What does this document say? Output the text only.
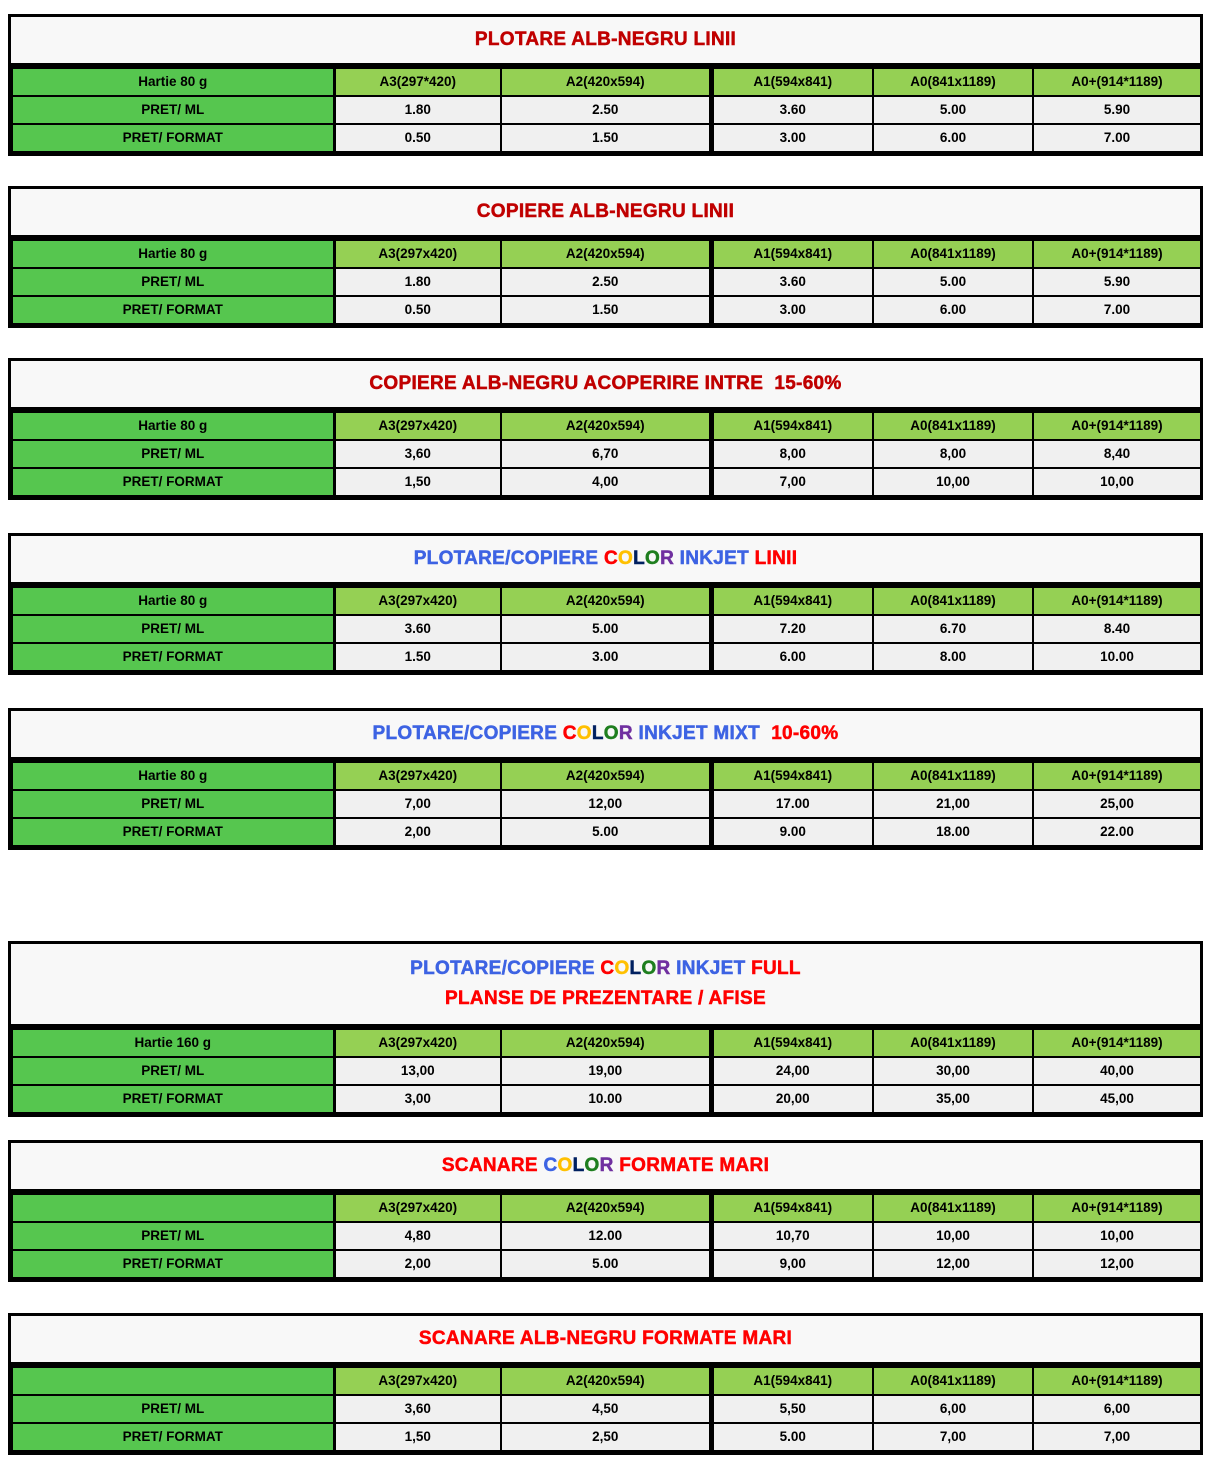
PLOTARE ALB-NEGRU LINII
Hartie 80 g	A3(297*420)	A2(420x594)	A1(594x841)	A0(841x1189)	A0+(914*1189)
PRET/ ML	1.80	2.50	3.60	5.00	5.90
PRET/ FORMAT	0.50	1.50	3.00	6.00	7.00
COPIERE ALB-NEGRU LINII
Hartie 80 g	A3(297x420)	A2(420x594)	A1(594x841)	A0(841x1189)	A0+(914*1189)
PRET/ ML	1.80	2.50	3.60	5.00	5.90
PRET/ FORMAT	0.50	1.50	3.00	6.00	7.00
COPIERE ALB-NEGRU ACOPERIRE INTRE  15-60%
Hartie 80 g	A3(297x420)	A2(420x594)	A1(594x841)	A0(841x1189)	A0+(914*1189)
PRET/ ML	3,60	6,70	8,00	8,00	8,40
PRET/ FORMAT	1,50	4,00	7,00	10,00	10,00
PLOTARE/COPIERE COLOR INKJET LINII
Hartie 80 g	A3(297x420)	A2(420x594)	A1(594x841)	A0(841x1189)	A0+(914*1189)
PRET/ ML	3.60	5.00	7.20	6.70	8.40
PRET/ FORMAT	1.50	3.00	6.00	8.00	10.00
PLOTARE/COPIERE COLOR INKJET MIXT  10-60%
Hartie 80 g	A3(297x420)	A2(420x594)	A1(594x841)	A0(841x1189)	A0+(914*1189)
PRET/ ML	7,00	12,00	17.00	21,00	25,00
PRET/ FORMAT	2,00	5.00	9.00	18.00	22.00
PLOTARE/COPIERE COLOR INKJET FULL
PLANSE DE PREZENTARE / AFISE
Hartie 160 g	A3(297x420)	A2(420x594)	A1(594x841)	A0(841x1189)	A0+(914*1189)
PRET/ ML	13,00	19,00	24,00	30,00	40,00
PRET/ FORMAT	3,00	10.00	20,00	35,00	45,00
SCANARE COLOR FORMATE MARI
	A3(297x420)	A2(420x594)	A1(594x841)	A0(841x1189)	A0+(914*1189)
PRET/ ML	4,80	12.00	10,70	10,00	10,00
PRET/ FORMAT	2,00	5.00	9,00	12,00	12,00
SCANARE ALB-NEGRU FORMATE MARI
	A3(297x420)	A2(420x594)	A1(594x841)	A0(841x1189)	A0+(914*1189)
PRET/ ML	3,60	4,50	5,50	6,00	6,00
PRET/ FORMAT	1,50	2,50	5.00	7,00	7,00
